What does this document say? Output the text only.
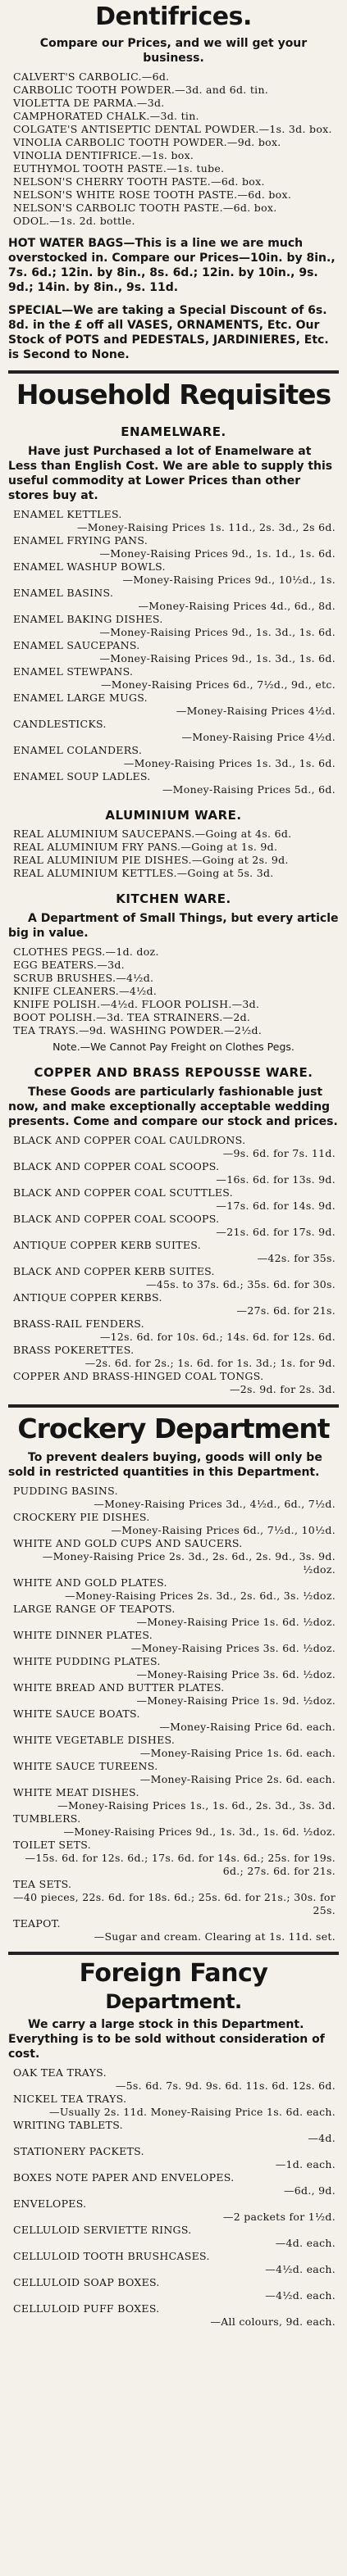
Dentifrices.

Compare our Prices, and we will get your business.

CALVERT'S CARBOLIC.—6d.
CARBOLIC TOOTH POWDER.—3d. and 6d. tin.
VIOLETTA DE PARMA.—3d.
CAMPHORATED CHALK.—3d. tin.
COLGATE'S ANTISEPTIC DENTAL POWDER.—1s. 3d. box.
VINOLIA CARBOLIC TOOTH POWDER.—9d. box.
VINOLIA DENTIFRICE.—1s. box.
EUTHYMOL TOOTH PASTE.—1s. tube.
NELSON'S CHERRY TOOTH PASTE.—6d. box.
NELSON'S WHITE ROSE TOOTH PASTE.—6d. box.
NELSON'S CARBOLIC TOOTH PASTE.—6d. box.
ODOL.—1s. 2d. bottle.

HOT WATER BAGS—This is a line we are much overstocked in. Compare our Prices—10in. by 8in., 7s. 6d.; 12in. by 8in., 8s. 6d.; 12in. by 10in., 9s. 9d.; 14in. by 8in., 9s. 11d.

SPECIAL—We are taking a Special Discount of 6s. 8d. in the £ off all VASES, ORNAMENTS, Etc. Our Stock of POTS and PEDESTALS, JARDINIERES, Etc. is Second to None.

Household Requisites
ENAMELWARE.

Have just Purchased a lot of Enamelware at Less than English Cost. We are able to supply this useful commodity at Lower Prices than other stores buy at.

ENAMEL KETTLES.
—Money-Raising Prices 1s. 11d., 2s. 3d., 2s 6d.
ENAMEL FRYING PANS.
—Money-Raising Prices 9d., 1s. 1d., 1s. 6d.
ENAMEL WASHUP BOWLS.
—Money-Raising Prices 9d., 10½d., 1s.
ENAMEL BASINS.
—Money-Raising Prices 4d., 6d., 8d.
ENAMEL BAKING DISHES.
—Money-Raising Prices 9d., 1s. 3d., 1s. 6d.
ENAMEL SAUCEPANS.
—Money-Raising Prices 9d., 1s. 3d., 1s. 6d.
ENAMEL STEWPANS.
—Money-Raising Prices 6d., 7½d., 9d., etc.
ENAMEL LARGE MUGS.
—Money-Raising Prices 4½d.
CANDLESTICKS.
—Money-Raising Price 4½d.
ENAMEL COLANDERS.
—Money-Raising Prices 1s. 3d., 1s. 6d.
ENAMEL SOUP LADLES.
—Money-Raising Prices 5d., 6d.
ALUMINIUM WARE.
REAL ALUMINIUM SAUCEPANS.—Going at 4s. 6d.
REAL ALUMINIUM FRY PANS.—Going at 1s. 9d.
REAL ALUMINIUM PIE DISHES.—Going at 2s. 9d.
REAL ALUMINIUM KETTLES.—Going at 5s. 3d.
KITCHEN WARE.

A Department of Small Things, but every article big in value.

CLOTHES PEGS.—1d. doz.
EGG BEATERS.—3d.
SCRUB BRUSHES.—4½d.
KNIFE CLEANERS.—4½d.
KNIFE POLISH.—4½d. FLOOR POLISH.—3d.
BOOT POLISH.—3d. TEA STRAINERS.—2d.
TEA TRAYS.—9d. WASHING POWDER.—2½d.

Note.—We Cannot Pay Freight on Clothes Pegs.

COPPER AND BRASS REPOUSSE WARE.

These Goods are particularly fashionable just now, and make exceptionally acceptable wedding presents. Come and compare our stock and prices.

BLACK AND COPPER COAL CAULDRONS.
—9s. 6d. for 7s. 11d.
BLACK AND COPPER COAL SCOOPS.
—16s. 6d. for 13s. 9d.
BLACK AND COPPER COAL SCUTTLES.
—17s. 6d. for 14s. 9d.
BLACK AND COPPER COAL SCOOPS.
—21s. 6d. for 17s. 9d.
ANTIQUE COPPER KERB SUITES.
—42s. for 35s.
BLACK AND COPPER KERB SUITES.
—45s. to 37s. 6d.; 35s. 6d. for 30s.
ANTIQUE COPPER KERBS.
—27s. 6d. for 21s.
BRASS-RAIL FENDERS.
—12s. 6d. for 10s. 6d.; 14s. 6d. for 12s. 6d.
BRASS POKERETTES.
—2s. 6d. for 2s.; 1s. 6d. for 1s. 3d.; 1s. for 9d.
COPPER AND BRASS-HINGED COAL TONGS.
—2s. 9d. for 2s. 3d.
Crockery Department

To prevent dealers buying, goods will only be sold in restricted quantities in this Department.

PUDDING BASINS.
—Money-Raising Prices 3d., 4½d., 6d., 7½d.
CROCKERY PIE DISHES.
—Money-Raising Prices 6d., 7½d., 10½d.
WHITE AND GOLD CUPS AND SAUCERS.
—Money-Raising Price 2s. 3d., 2s. 6d., 2s. 9d., 3s. 9d. ½doz.
WHITE AND GOLD PLATES.
—Money-Raising Prices 2s. 3d., 2s. 6d., 3s. ½doz.
LARGE RANGE OF TEAPOTS.
—Money-Raising Price 1s. 6d. ½doz.
WHITE DINNER PLATES.
—Money-Raising Prices 3s. 6d. ½doz.
WHITE PUDDING PLATES.
—Money-Raising Price 3s. 6d. ½doz.
WHITE BREAD AND BUTTER PLATES.
—Money-Raising Price 1s. 9d. ½doz.
WHITE SAUCE BOATS.
—Money-Raising Price 6d. each.
WHITE VEGETABLE DISHES.
—Money-Raising Price 1s. 6d. each.
WHITE SAUCE TUREENS.
—Money-Raising Price 2s. 6d. each.
WHITE MEAT DISHES.
—Money-Raising Prices 1s., 1s. 6d., 2s. 3d., 3s. 3d.
TUMBLERS.
—Money-Raising Prices 9d., 1s. 3d., 1s. 6d. ½doz.
TOILET SETS.
—15s. 6d. for 12s. 6d.; 17s. 6d. for 14s. 6d.; 25s. for 19s. 6d.; 27s. 6d. for 21s.
TEA SETS.
—40 pieces, 22s. 6d. for 18s. 6d.; 25s. 6d. for 21s.; 30s. for 25s.
TEAPOT.
—Sugar and cream. Clearing at 1s. 11d. set.
Foreign Fancy
Department.

We carry a large stock in this Department. Everything is to be sold without consideration of cost.

OAK TEA TRAYS.
—5s. 6d. 7s. 9d. 9s. 6d. 11s. 6d. 12s. 6d.
NICKEL TEA TRAYS.
—Usually 2s. 11d. Money-Raising Price 1s. 6d. each.
WRITING TABLETS.
—4d.
STATIONERY PACKETS.
—1d. each.
BOXES NOTE PAPER AND ENVELOPES.
—6d., 9d.
ENVELOPES.
—2 packets for 1½d.
CELLULOID SERVIETTE RINGS.
—4d. each.
CELLULOID TOOTH BRUSHCASES.
—4½d. each.
CELLULOID SOAP BOXES.
—4½d. each.
CELLULOID PUFF BOXES.
—All colours, 9d. each.
